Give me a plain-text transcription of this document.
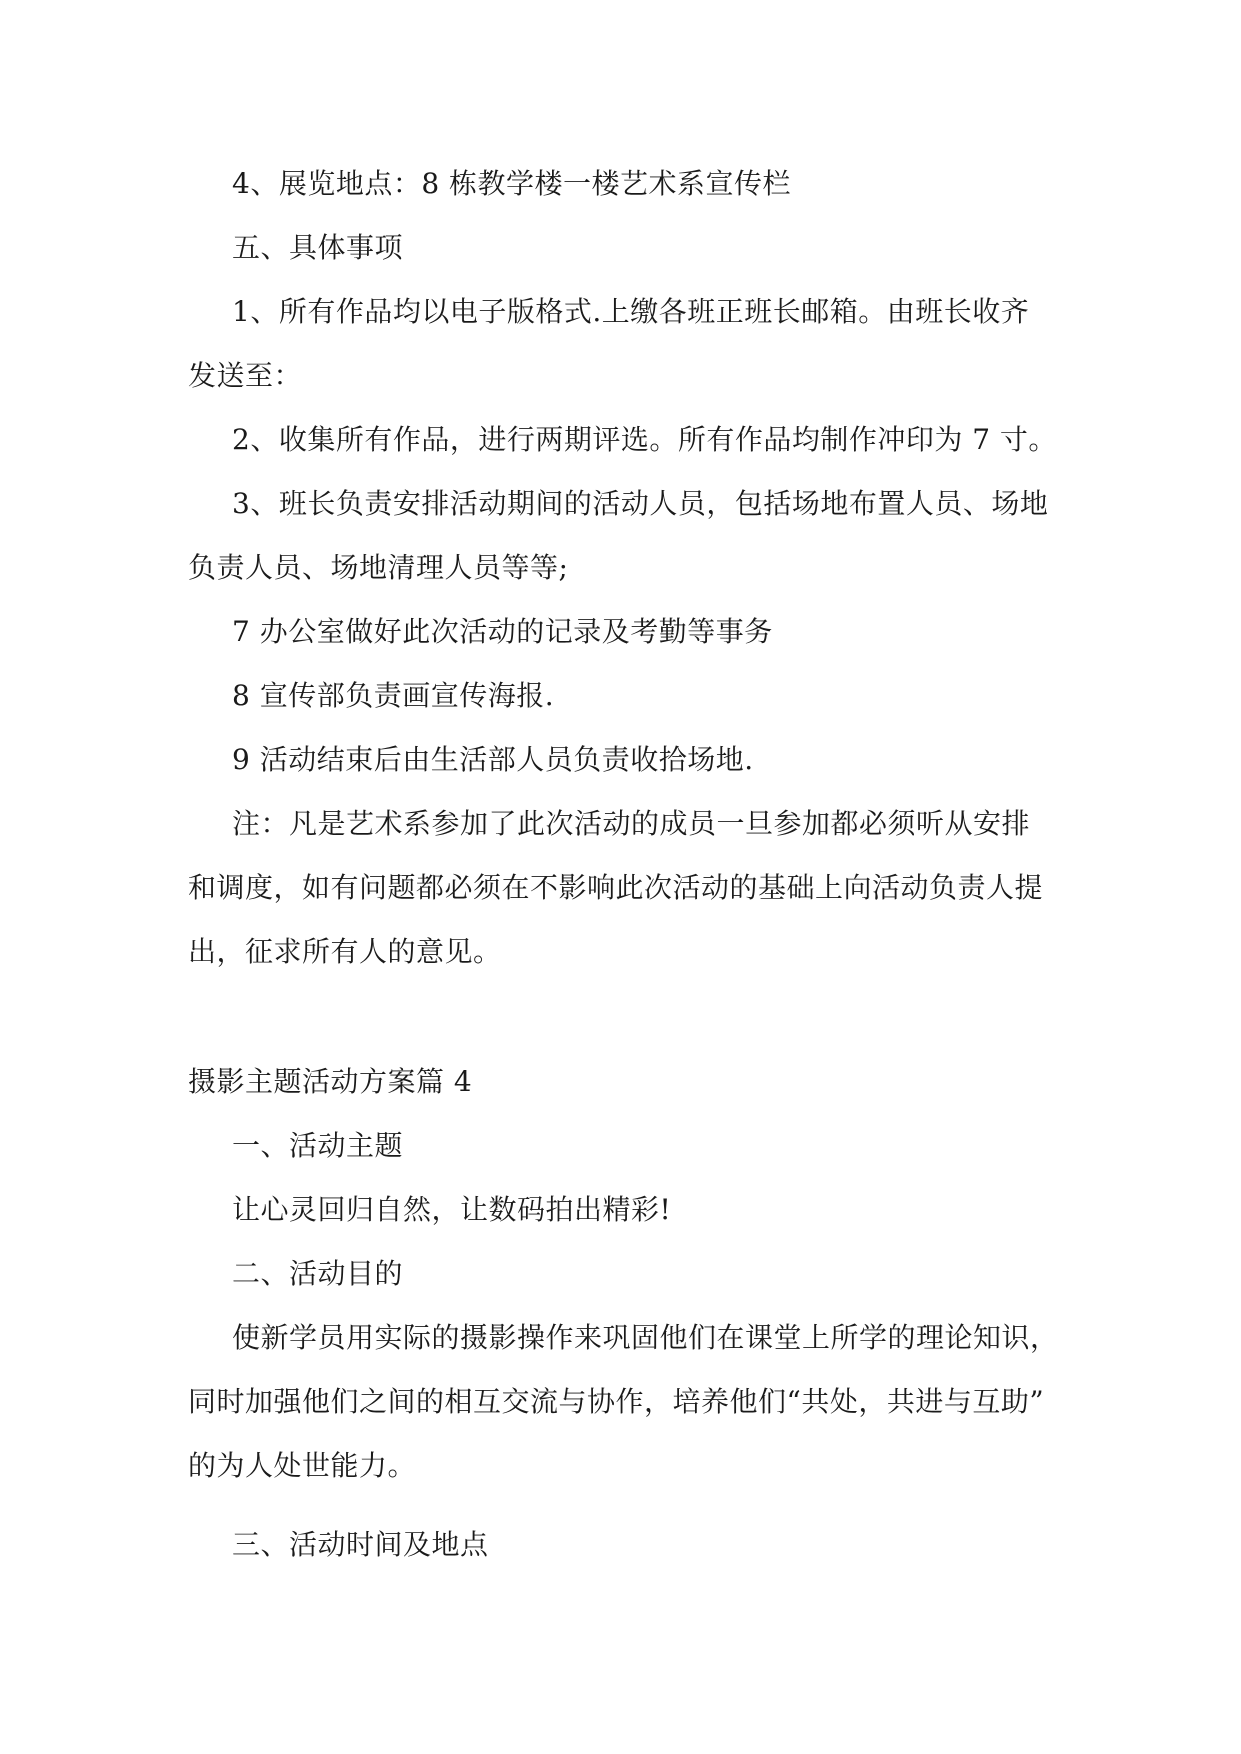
4、展览地点：8 栋教学楼一楼艺术系宣传栏
五、具体事项
1、所有作品均以电子版格式.上缴各班正班长邮箱。由班长收齐
发送至：
2、收集所有作品，进行两期评选。所有作品均制作冲印为 7 寸。
3、班长负责安排活动期间的活动人员，包括场地布置人员、场地
负责人员、场地清理人员等等;
7 办公室做好此次活动的记录及考勤等事务
8 宣传部负责画宣传海报.
9 活动结束后由生活部人员负责收拾场地.
注：凡是艺术系参加了此次活动的成员一旦参加都必须听从安排
和调度，如有问题都必须在不影响此次活动的基础上向活动负责人提
出，征求所有人的意见。
摄影主题活动方案篇 4
一、活动主题
让心灵回归自然，让数码拍出精彩!
二、活动目的
使新学员用实际的摄影操作来巩固他们在课堂上所学的理论知识，
同时加强他们之间的相互交流与协作，培养他们“共处，共进与互助”
的为人处世能力。
三、活动时间及地点
